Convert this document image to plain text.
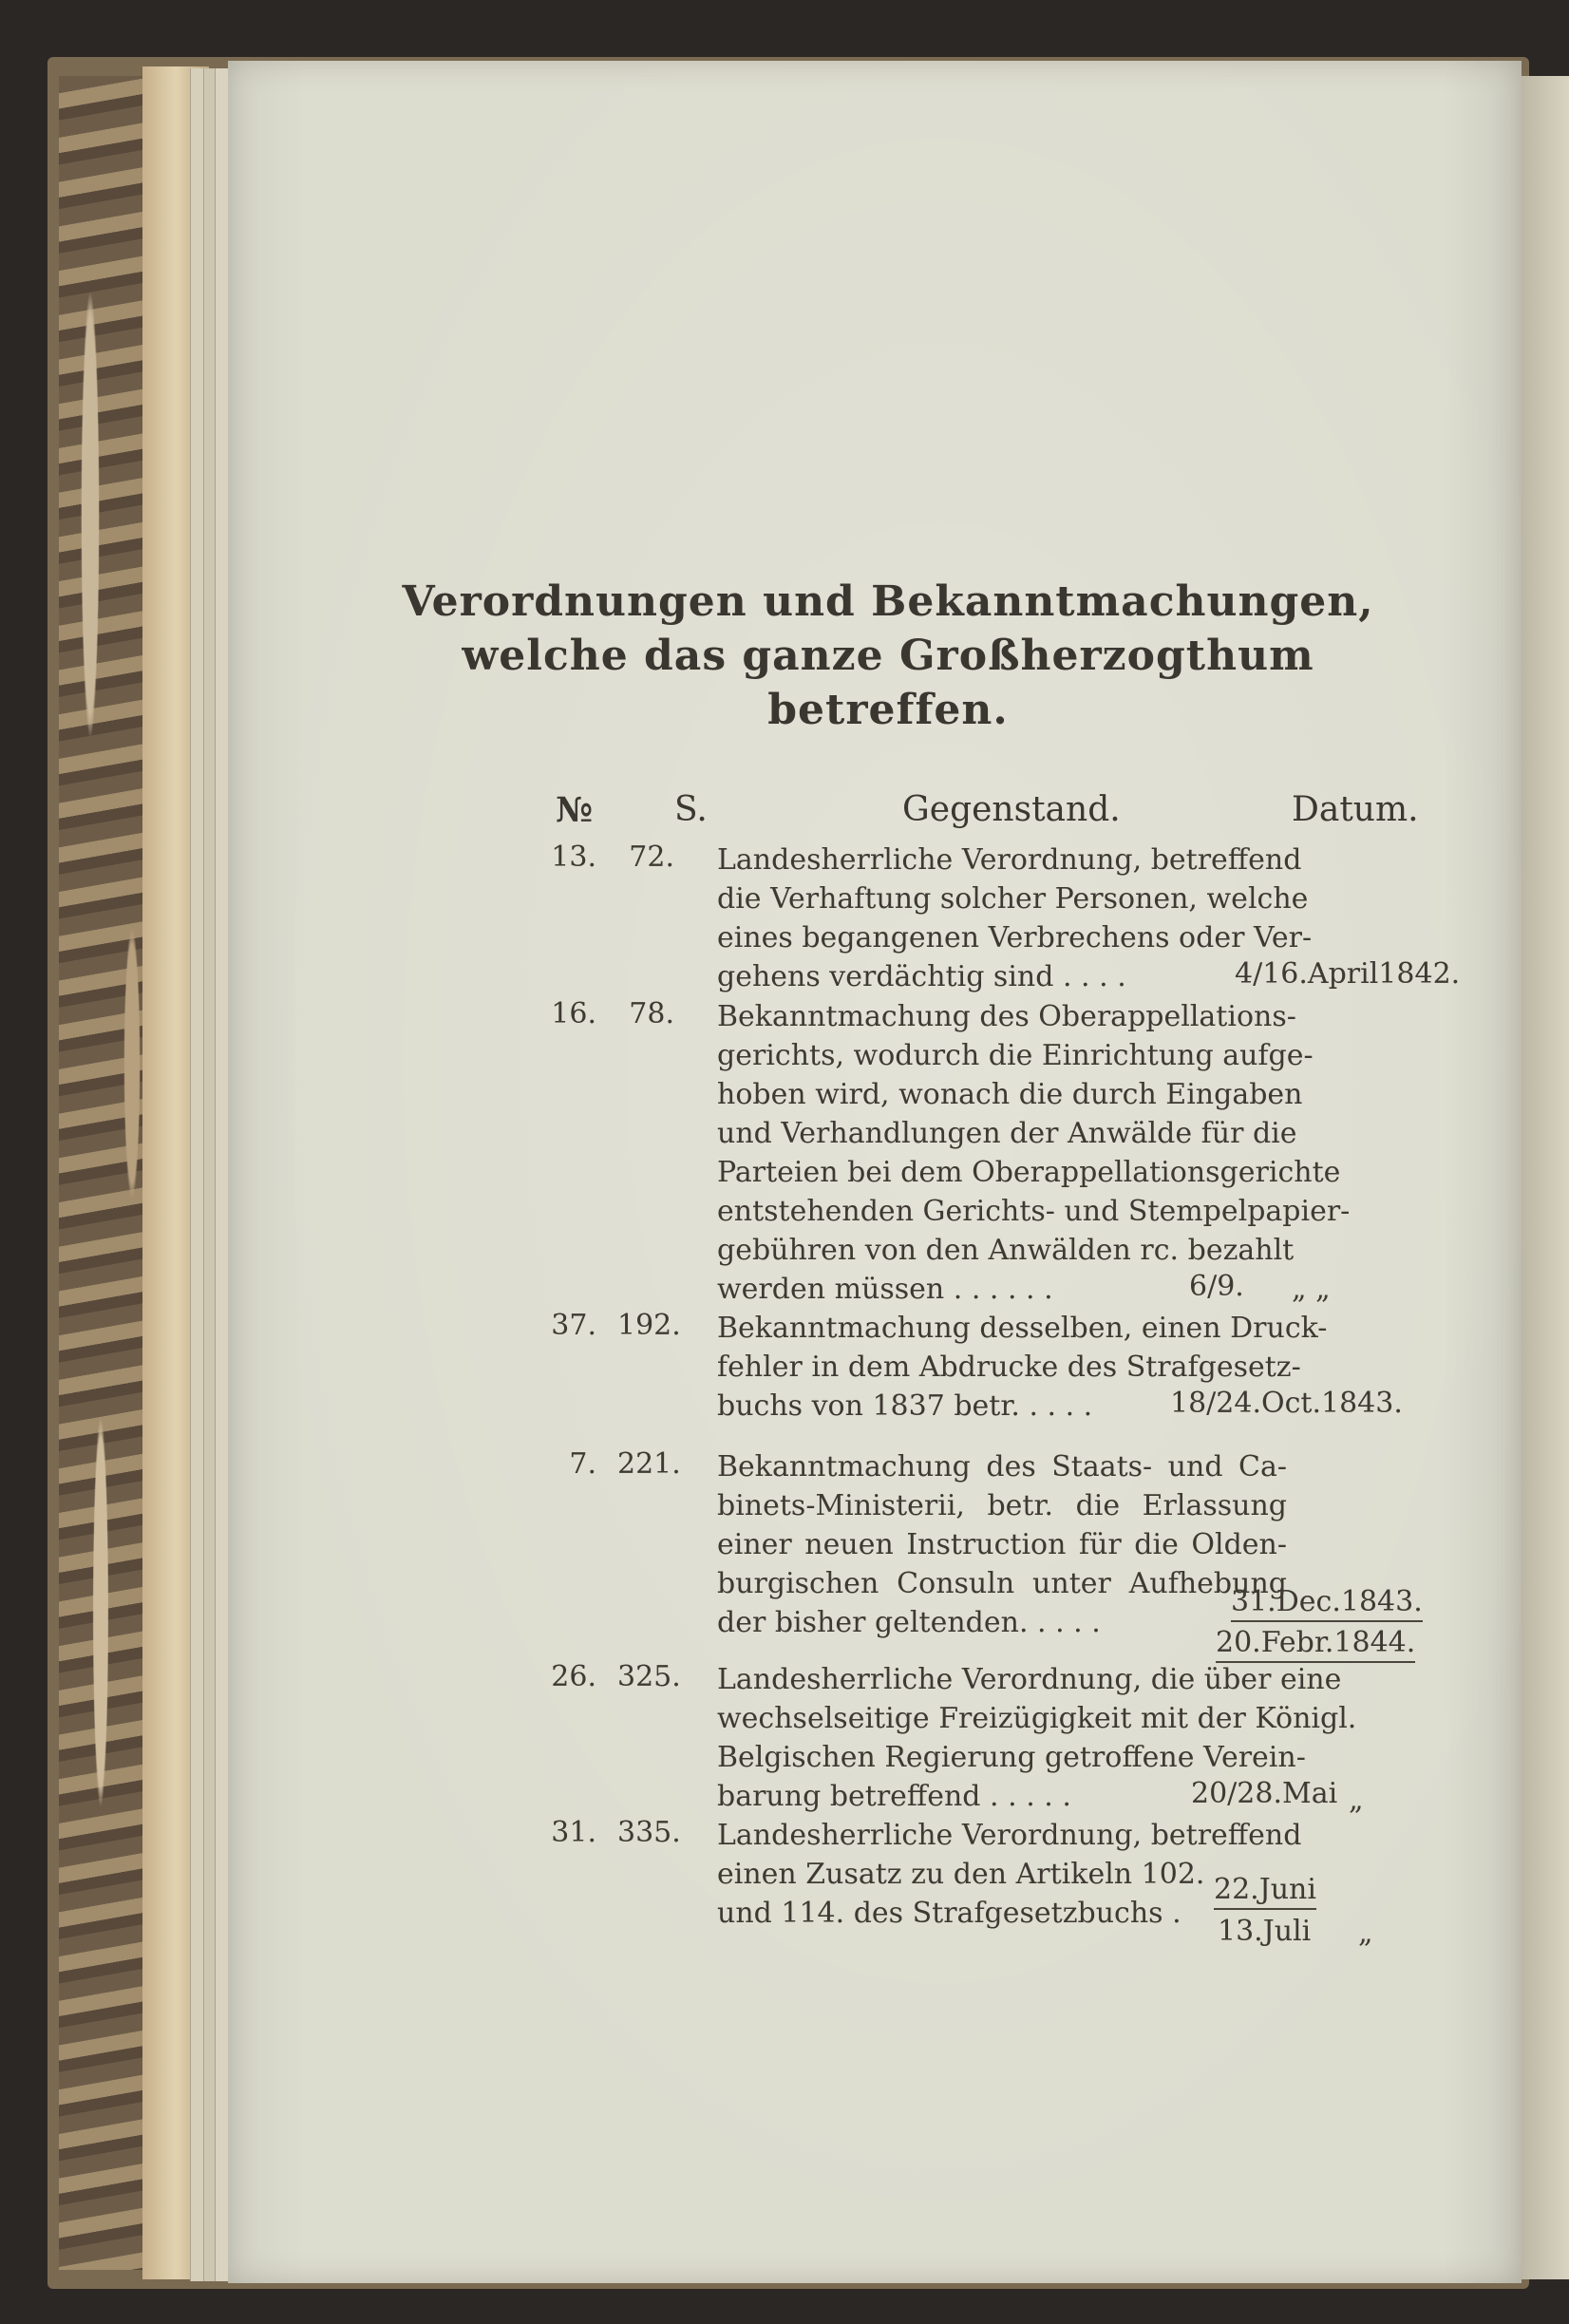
Verordnungen und Bekanntmachungen,
welche das ganze Großherzogthum
betreffen.
№ S.	Gegenstand.	Datum.
13.	72. Landesherrliche Verordnung, betreffend
die Verhaftung solcher Personen, welche
eines begangenen Verbrechens oder Ver-
gehens verdächtig sind . . . .	4/16.April1842.
16.	78. Bekanntmachung des Oberappellations-
gerichts, wodurch die Einrichtung aufge-
hoben wird, wonach die durch Eingaben
und Verhandlungen der Anwälde für die
Parteien bei dem Oberappellationsgerichte
entstehenden Gerichts- und Stempelpapier-
gebühren von den Anwälden rc. bezahlt
werden müssen . . . . . .	6/9. „ „
37. 192. Bekanntmachung desselben, einen Druck-
fehler in dem Abdrucke des Strafgesetz-
buchs von 1837 betr. . . . .	18/24.Oct.1843.
7. 221. Bekanntmachung des Staats- und Ca-
binets-Ministerii, betr. die Erlassung
einer neuen Instruction für die Olden-
burgischen Consuln unter Aufhebung
der bisher geltenden. . . . .
31.Dec.1843.
20.Febr.1844.
26. 325. Landesherrliche Verordnung, die über eine
wechselseitige Freizügigkeit mit der Königl.
Belgischen Regierung getroffene Verein-
barung betreffend . . . . .	20/28.Mai „
31. 335. Landesherrliche Verordnung, betreffend
einen Zusatz zu den Artikeln 102.
und 114. des Strafgesetzbuchs .
22.Juni
13.Juli „
